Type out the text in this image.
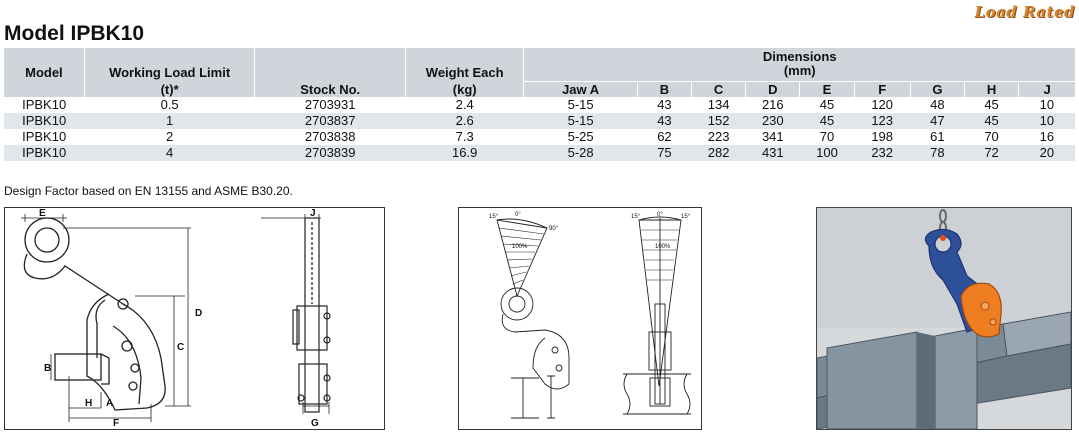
Model IPBK10
Load Rated
Model	Working Load Limit		Weight Each	Dimensions
(mm)								
	(t)*	Stock No.	(kg)	Jaw A	B	C	D	E	F	G	H	J
IPBK10	0.5	2703931	2.4	5-15	43	134	216	45	120	48	45	10
IPBK10	1	2703837	2.6	5-15	43	152	230	45	123	47	45	10
IPBK10	2	2703838	7.3	5-25	62	223	341	70	198	61	70	16
IPBK10	4	2703839	16.9	5-28	75	282	431	100	232	78	72	20
Design Factor based on EN 13155 and ASME B30.20.
E	J
D
C
B
H A
F	G
15°	0°
90°
100%
15°	0°	15°
100%
